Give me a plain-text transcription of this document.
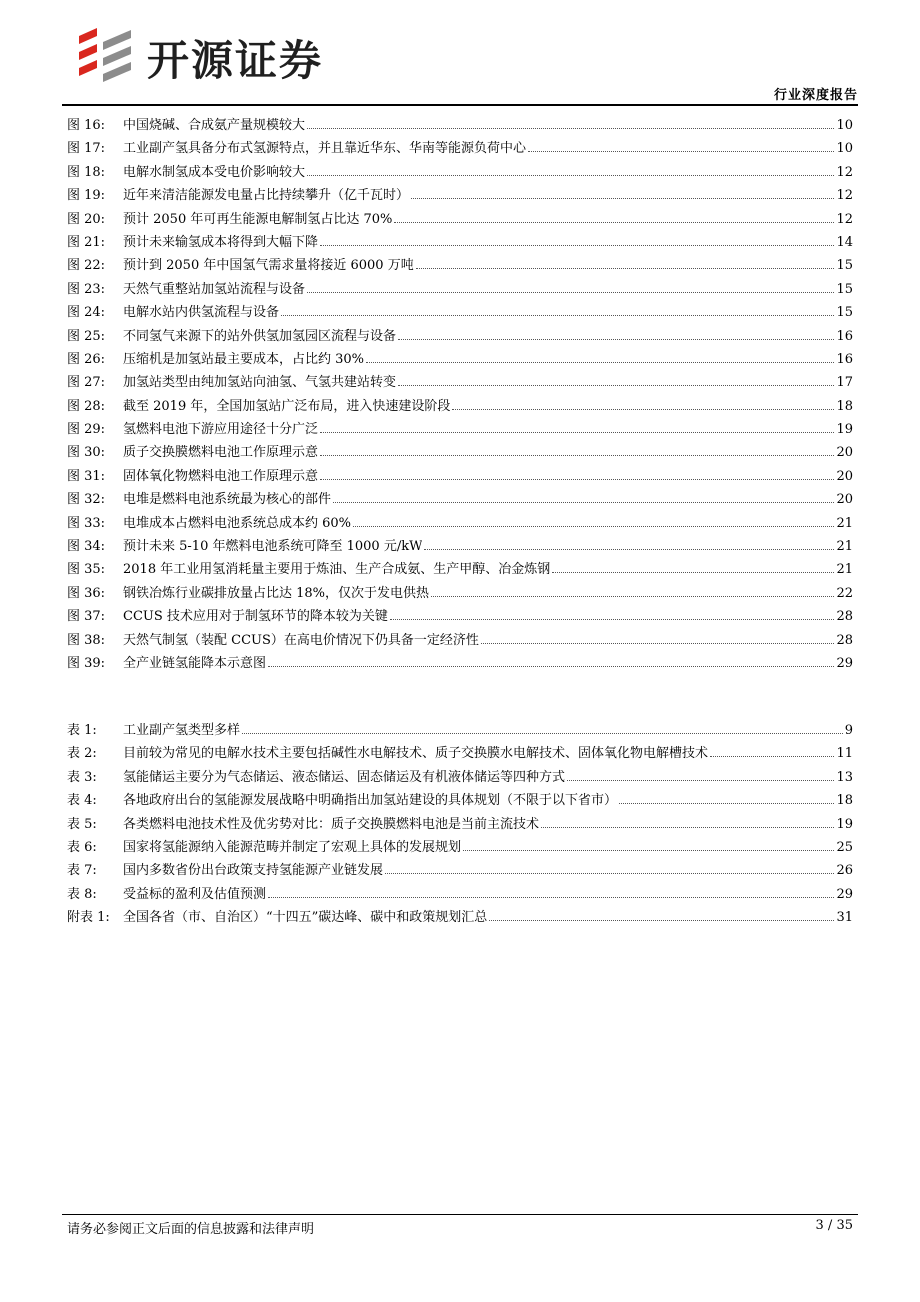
开源证券
行业深度报告
图 16:	中国烧碱、合成氨产量规模较大	10
图 17:	工业副产氢具备分布式氢源特点，并且靠近华东、华南等能源负荷中心	10
图 18:	电解水制氢成本受电价影响较大	12
图 19:	近年来清洁能源发电量占比持续攀升（亿千瓦时）	12
图 20:	预计 2050 年可再生能源电解制氢占比达 70%	12
图 21:	预计未来输氢成本将得到大幅下降	14
图 22:	预计到 2050 年中国氢气需求量将接近 6000 万吨	15
图 23:	天然气重整站加氢站流程与设备	15
图 24:	电解水站内供氢流程与设备	15
图 25:	不同氢气来源下的站外供氢加氢园区流程与设备	16
图 26:	压缩机是加氢站最主要成本，占比约 30%	16
图 27:	加氢站类型由纯加氢站向油氢、气氢共建站转变	17
图 28:	截至 2019 年，全国加氢站广泛布局，进入快速建设阶段	18
图 29:	氢燃料电池下游应用途径十分广泛	19
图 30:	质子交换膜燃料电池工作原理示意	20
图 31:	固体氧化物燃料电池工作原理示意	20
图 32:	电堆是燃料电池系统最为核心的部件	20
图 33:	电堆成本占燃料电池系统总成本约 60%	21
图 34:	预计未来 5-10 年燃料电池系统可降至 1000 元/kW	21
图 35:	2018 年工业用氢消耗量主要用于炼油、生产合成氨、生产甲醇、冶金炼钢	21
图 36:	钢铁冶炼行业碳排放量占比达 18%，仅次于发电供热	22
图 37:	CCUS 技术应用对于制氢环节的降本较为关键	28
图 38:	天然气制氢（装配 CCUS）在高电价情况下仍具备一定经济性	28
图 39:	全产业链氢能降本示意图	29
表 1:	工业副产氢类型多样	9
表 2:	目前较为常见的电解水技术主要包括碱性水电解技术、质子交换膜水电解技术、固体氧化物电解槽技术	11
表 3:	氢能储运主要分为气态储运、液态储运、固态储运及有机液体储运等四种方式	13
表 4:	各地政府出台的氢能源发展战略中明确指出加氢站建设的具体规划（不限于以下省市）	18
表 5:	各类燃料电池技术性及优劣势对比：质子交换膜燃料电池是当前主流技术	19
表 6:	国家将氢能源纳入能源范畴并制定了宏观上具体的发展规划	25
表 7:	国内多数省份出台政策支持氢能源产业链发展	26
表 8:	受益标的盈利及估值预测	29
附表 1:	全国各省（市、自治区）“十四五”碳达峰、碳中和政策规划汇总	31
请务必参阅正文后面的信息披露和法律声明	3 / 35
